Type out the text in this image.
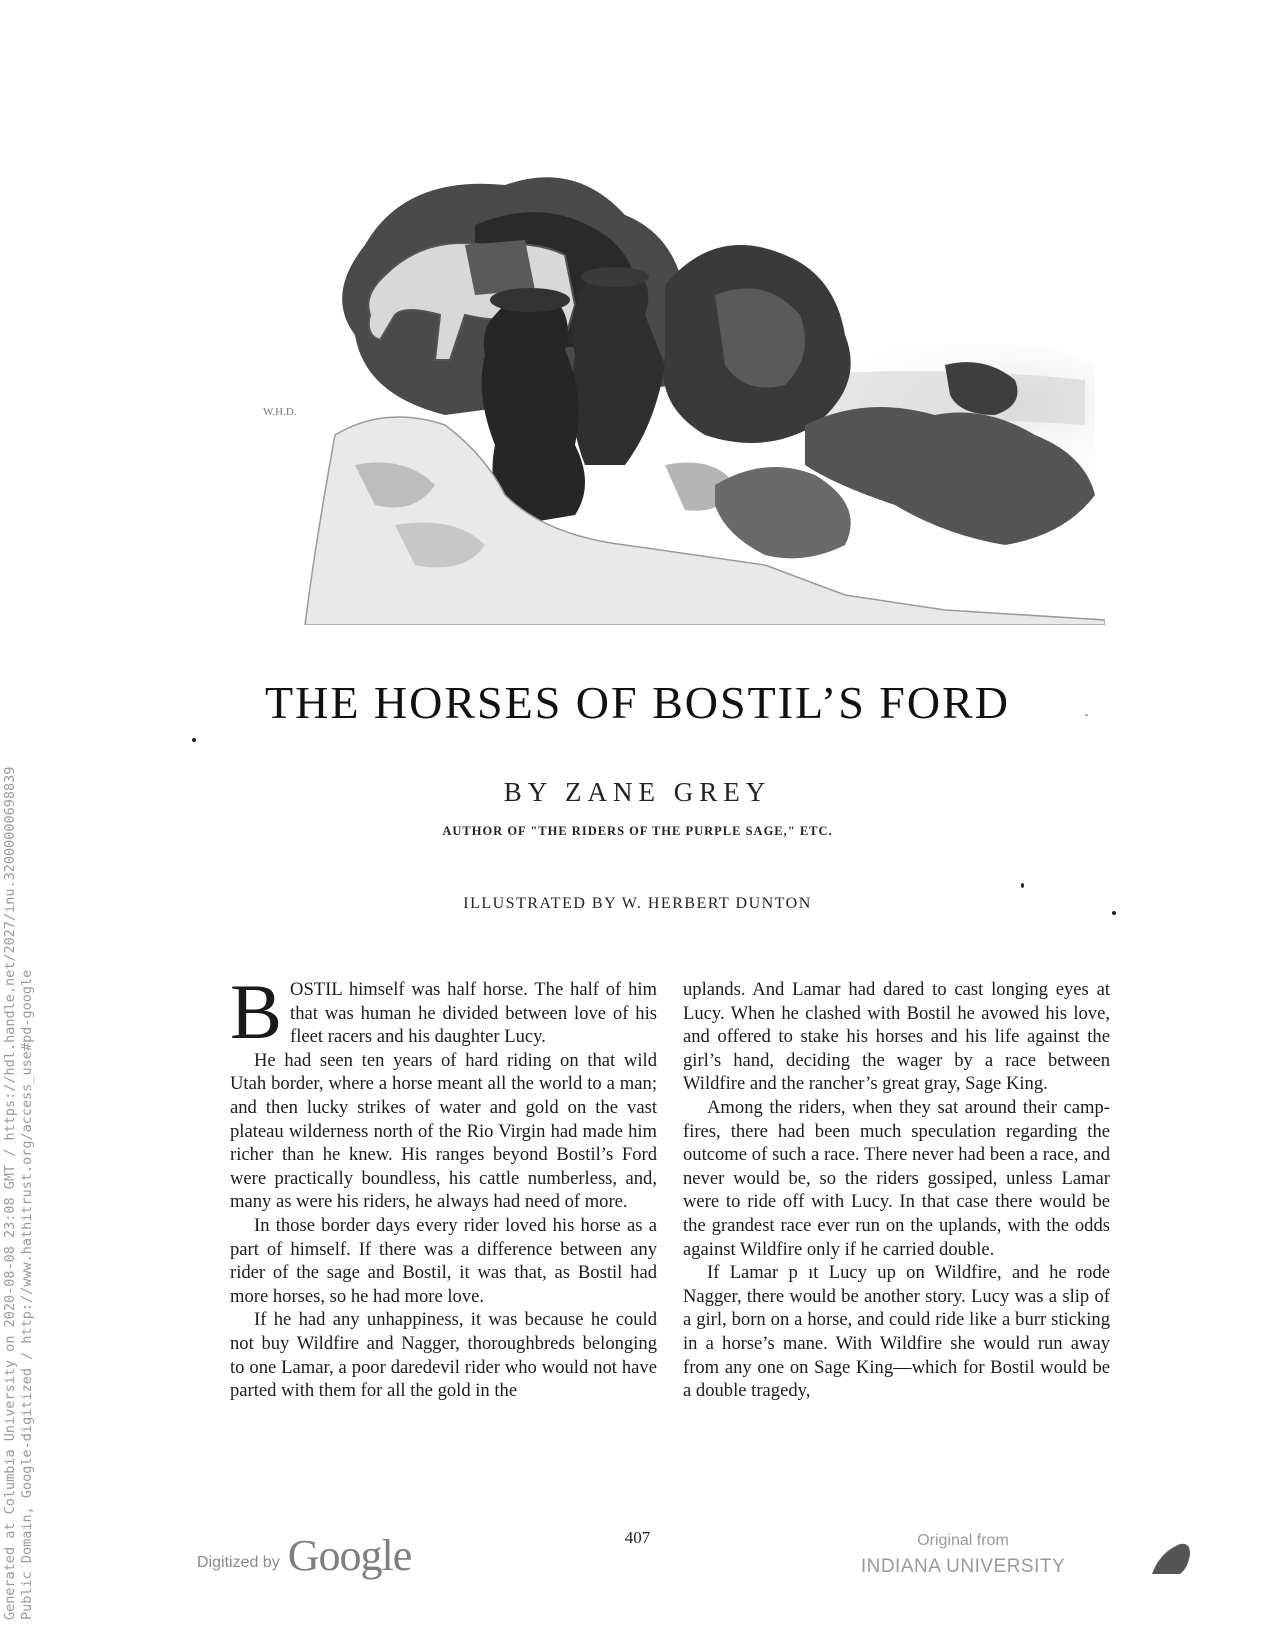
Generated at Columbia University on 2020-08-08 23:08 GMT / https://hdl.handle.net/2027/inu.32000000698839 Public Domain, Google-digitized / http://www.hathitrust.org/access_use#pd-google
W.H.D.
THE HORSES OF BOSTIL’S FORD
BY ZANE GREY
AUTHOR OF "THE RIDERS OF THE PURPLE SAGE," ETC.
ILLUSTRATED BY W. HERBERT DUNTON

BOSTIL himself was half horse. The half of him that was human he divided between love of his fleet racers and his daughter Lucy.

He had seen ten years of hard riding on that wild Utah border, where a horse meant all the world to a man; and then lucky strikes of water and gold on the vast plateau wilderness north of the Rio Virgin had made him richer than he knew. His ranges beyond Bostil’s Ford were practically boundless, his cattle numberless, and, many as were his riders, he always had need of more.

In those border days every rider loved his horse as a part of himself. If there was a difference between any rider of the sage and Bostil, it was that, as Bostil had more horses, so he had more love.

If he had any unhappiness, it was because he could not buy Wildfire and Nagger, thoroughbreds belonging to one Lamar, a poor daredevil rider who would not have parted with them for all the gold in the

uplands. And Lamar had dared to cast longing eyes at Lucy. When he clashed with Bostil he avowed his love, and offered to stake his horses and his life against the girl’s hand, deciding the wager by a race between Wildfire and the rancher’s great gray, Sage King.

Among the riders, when they sat around their camp-fires, there had been much speculation regarding the outcome of such a race. There never had been a race, and never would be, so the riders gossiped, unless Lamar were to ride off with Lucy. In that case there would be the grandest race ever run on the uplands, with the odds against Wildfire only if he carried double.

If Lamar p ıt Lucy up on Wildfire, and he rode Nagger, there would be another story. Lucy was a slip of a girl, born on a horse, and could ride like a burr sticking in a horse’s mane. With Wildfire she would run away from any one on Sage King—which for Bostil would be a double tragedy,

407
Digitized by Google	Original from
INDIANA UNIVERSITY
